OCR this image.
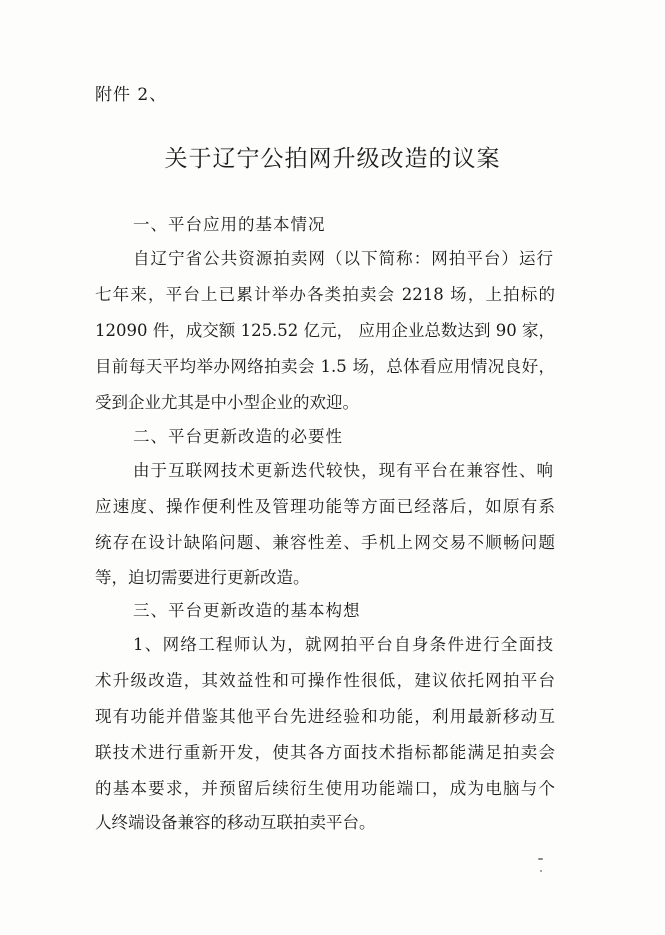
附件 2、
关于辽宁公拍网升级改造的议案
一、平台应用的基本情况
自辽宁省公共资源拍卖网（以下简称：网拍平台）运行
七年来，平台上已累计举办各类拍卖会 2218 场，上拍标的
12090 件，成交额 125.52 亿元， 应用企业总数达到 90 家，
目前每天平均举办网络拍卖会 1.5 场，总体看应用情况良好，
受到企业尤其是中小型企业的欢迎。
二、平台更新改造的必要性
由于互联网技术更新迭代较快，现有平台在兼容性、响
应速度、操作便利性及管理功能等方面已经落后，如原有系
统存在设计缺陷问题、兼容性差、手机上网交易不顺畅问题
等，迫切需要进行更新改造。
三、平台更新改造的基本构想
1、网络工程师认为，就网拍平台自身条件进行全面技
术升级改造，其效益性和可操作性很低，建议依托网拍平台
现有功能并借鉴其他平台先进经验和功能，利用最新移动互
联技术进行重新开发，使其各方面技术指标都能满足拍卖会
的基本要求，并预留后续衍生使用功能端口，成为电脑与个
人终端设备兼容的移动互联拍卖平台。
